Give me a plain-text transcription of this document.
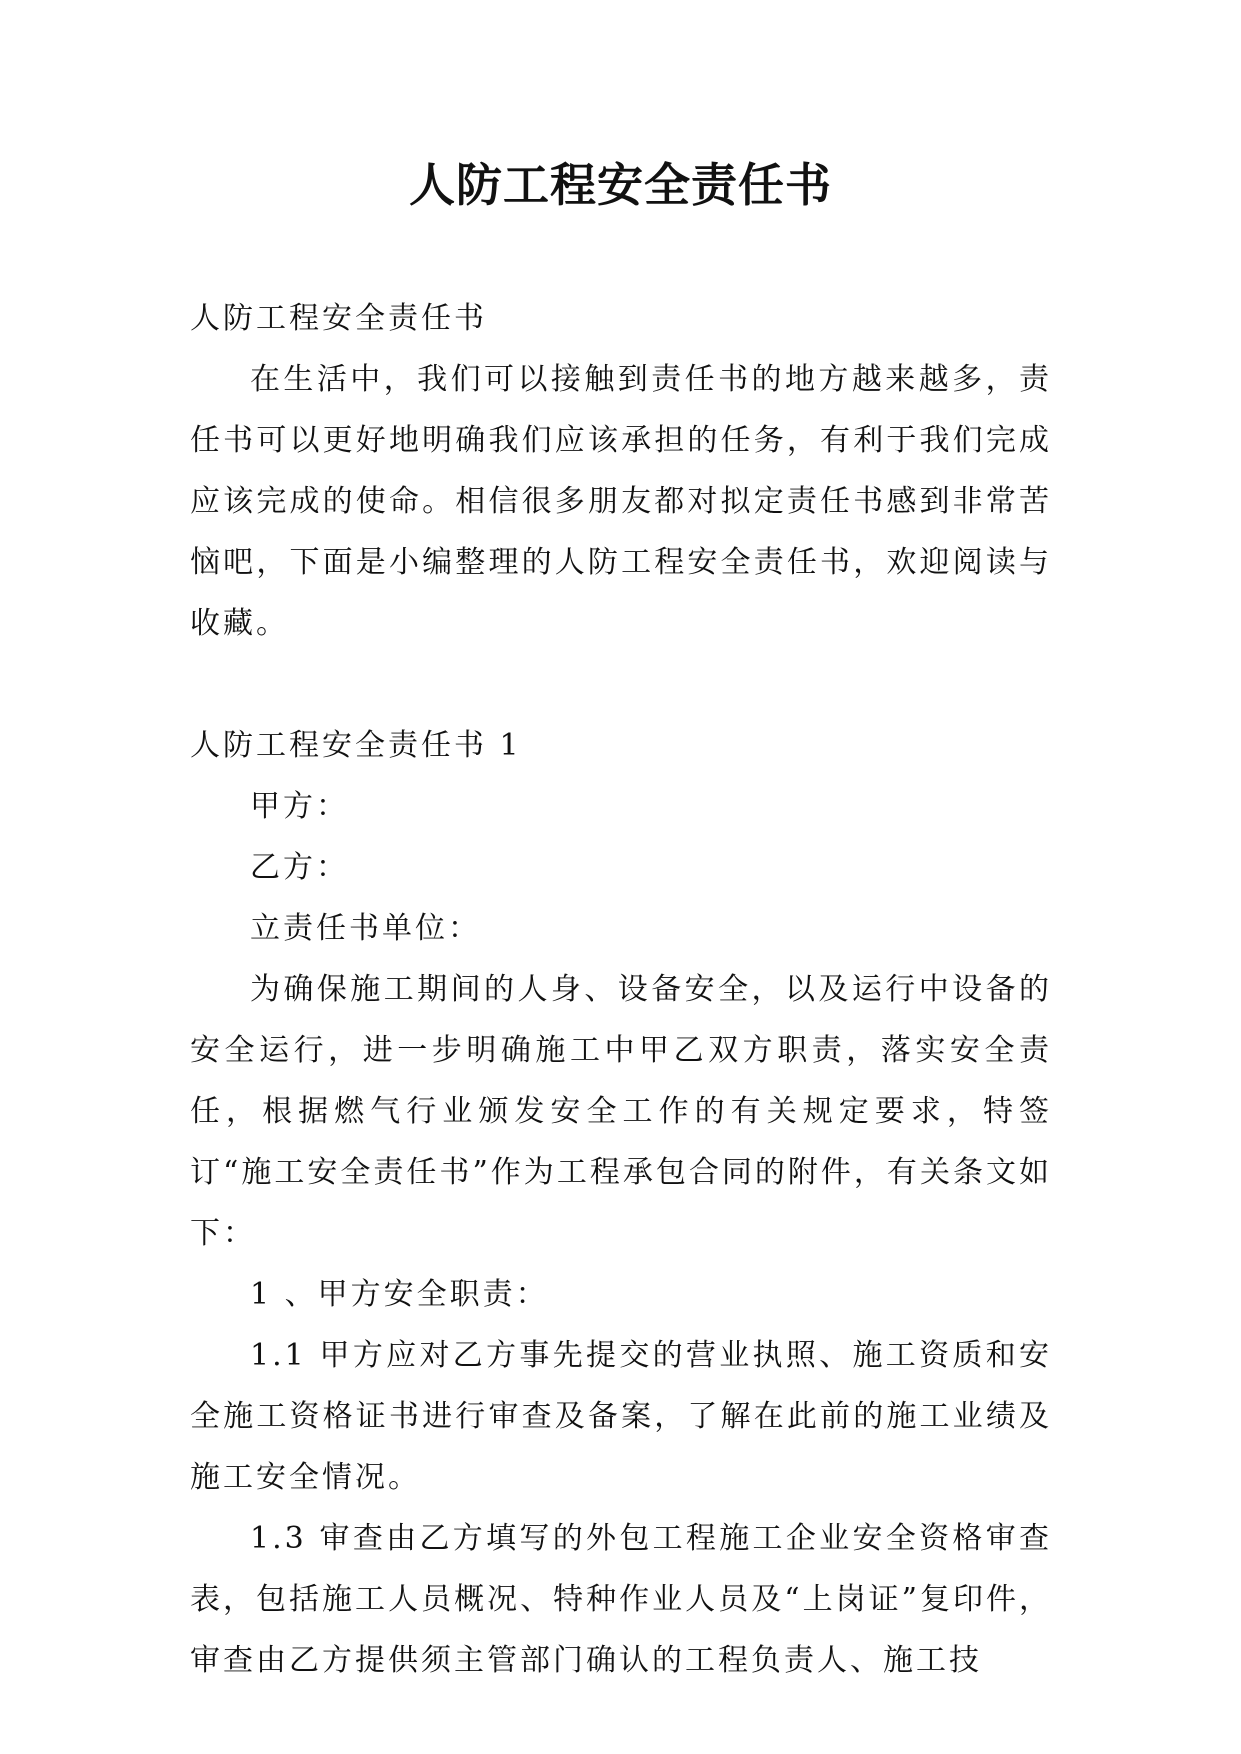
人防工程安全责任书

人防工程安全责任书

在生活中，我们可以接触到责任书的地方越来越多，责任书可以更好地明确我们应该承担的任务，有利于我们完成应该完成的使命。相信很多朋友都对拟定责任书感到非常苦恼吧，下面是小编整理的人防工程安全责任书，欢迎阅读与收藏。

人防工程安全责任书 1

甲方：

乙方：

立责任书单位：

为确保施工期间的人身、设备安全，以及运行中设备的安全运行，进一步明确施工中甲乙双方职责，落实安全责任，根据燃气行业颁发安全工作的有关规定要求，特签订“施工安全责任书”作为工程承包合同的附件，有关条文如下：

1 、甲方安全职责：

1.1 甲方应对乙方事先提交的营业执照、施工资质和安全施工资格证书进行审查及备案，了解在此前的施工业绩及施工安全情况。

1.3 审查由乙方填写的外包工程施工企业安全资格审查表，包括施工人员概况、特种作业人员及“上岗证”复印件，审查由乙方提供须主管部门确认的工程负责人、施工技
